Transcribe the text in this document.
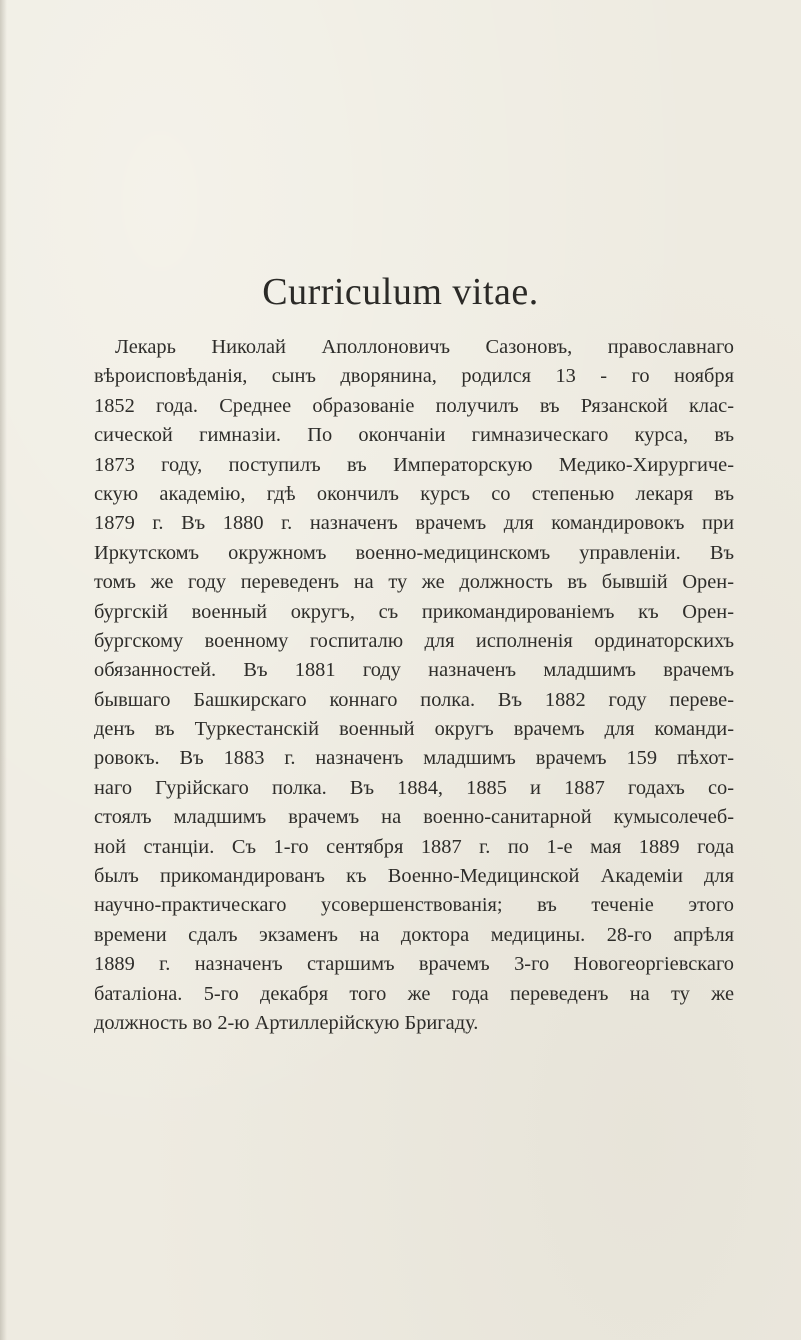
Curriculum vitae.
Лекарь Николай Аполлоновичъ Сазоновъ, православнаго
вѣроисповѣданія, сынъ дворянина, родился 13 - го ноября
1852 года. Среднее образованіе получилъ въ Рязанской клас-
сической гимназіи. По окончаніи гимназическаго курса, въ
1873 году, поступилъ въ Императорскую Медико-Хирургиче-
скую академію, гдѣ окончилъ курсъ со степенью лекаря въ
1879 г. Въ 1880 г. назначенъ врачемъ для командировокъ при
Иркутскомъ окружномъ военно-медицинскомъ управленіи. Въ
томъ же году переведенъ на ту же должность въ бывшій Орен-
бургскій военный округъ, съ прикомандированіемъ къ Орен-
бургскому военному госпиталю для исполненія ординаторскихъ
обязанностей. Въ 1881 году назначенъ младшимъ врачемъ
бывшаго Башкирскаго коннаго полка. Въ 1882 году переве-
денъ въ Туркестанскій военный округъ врачемъ для команди-
ровокъ. Въ 1883 г. назначенъ младшимъ врачемъ 159 пѣхот-
наго Гурійскаго полка. Въ 1884, 1885 и 1887 годахъ со-
стоялъ младшимъ врачемъ на военно-санитарной кумысолечеб-
ной станціи. Съ 1-го сентября 1887 г. по 1-е мая 1889 года
былъ прикомандированъ къ Военно-Медицинской Академіи для
научно-практическаго усовершенствованія; въ теченіе этого
времени сдалъ экзаменъ на доктора медицины. 28-го апрѣля
1889 г. назначенъ старшимъ врачемъ 3-го Новогеоргіевскаго
баталіона. 5-го декабря того же года переведенъ на ту же
должность во 2-ю Артиллерійскую Бригаду.
